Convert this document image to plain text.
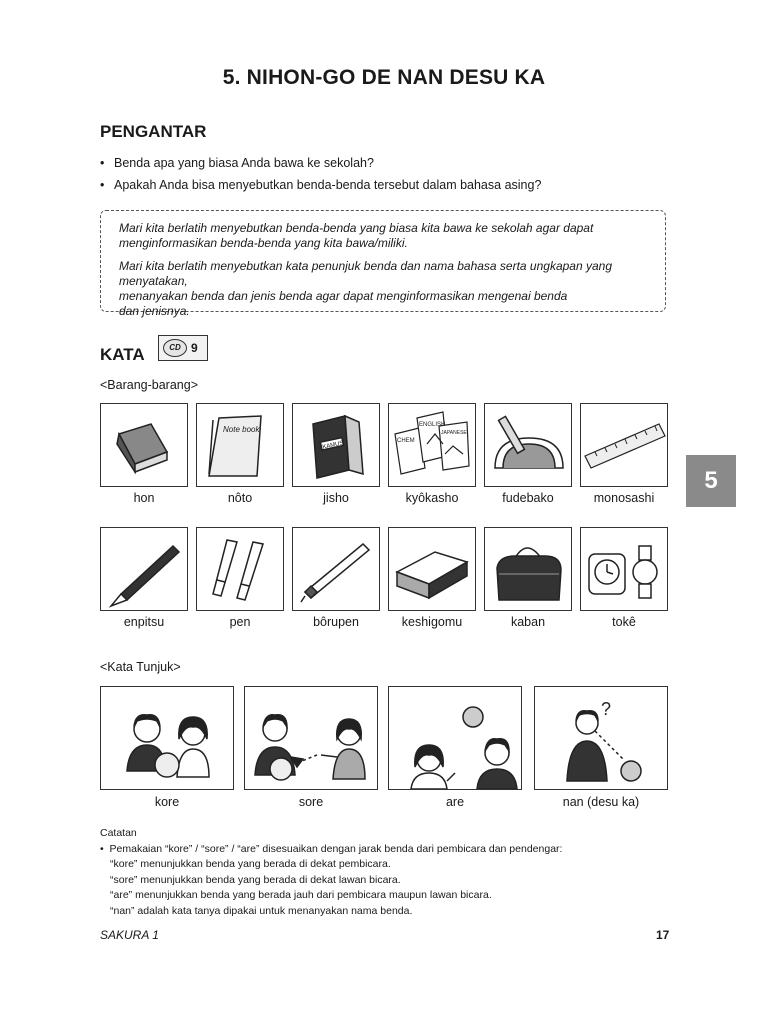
5. NIHON-GO DE NAN DESU KA
PENGANTAR
• Benda apa yang biasa Anda bawa ke sekolah?
• Apakah Anda bisa menyebutkan benda-benda tersebut dalam bahasa asing?
Mari kita berlatih menyebutkan benda-benda yang biasa kita bawa ke sekolah agar dapat menginformasikan benda-benda yang kita bawa/miliki.
Mari kita berlatih menyebutkan kata penunjuk benda dan nama bahasa serta ungkapan yang menyatakan,
menanyakan benda dan jenis benda agar dapat menginformasikan mengenai benda
dan jenisnya.
KATA	CD 9
<Barang-barang>
Note book
KAMUS	CHEM
ENGLISH
JAPANESE
hon	nôto	jisho	kyôkasho	fudebako	monosashi
enpitsu	pen	bôrupen	keshigomu	kaban	tokê
<Kata Tunjuk>
?
kore	sore	are	nan (desu ka)
5
Catatan
•  Pemakaian “kore” / “sore” / “are” disesuaikan dengan jarak benda dari pembicara dan pendengar:
“kore” menunjukkan benda yang berada di dekat pembicara.
“sore” menunjukkan benda yang berada di dekat lawan bicara.
“are” menunjukkan benda yang berada jauh dari pembicara maupun lawan bicara.
“nan” adalah kata tanya dipakai untuk menanyakan nama benda.
SAKURA 1	17
